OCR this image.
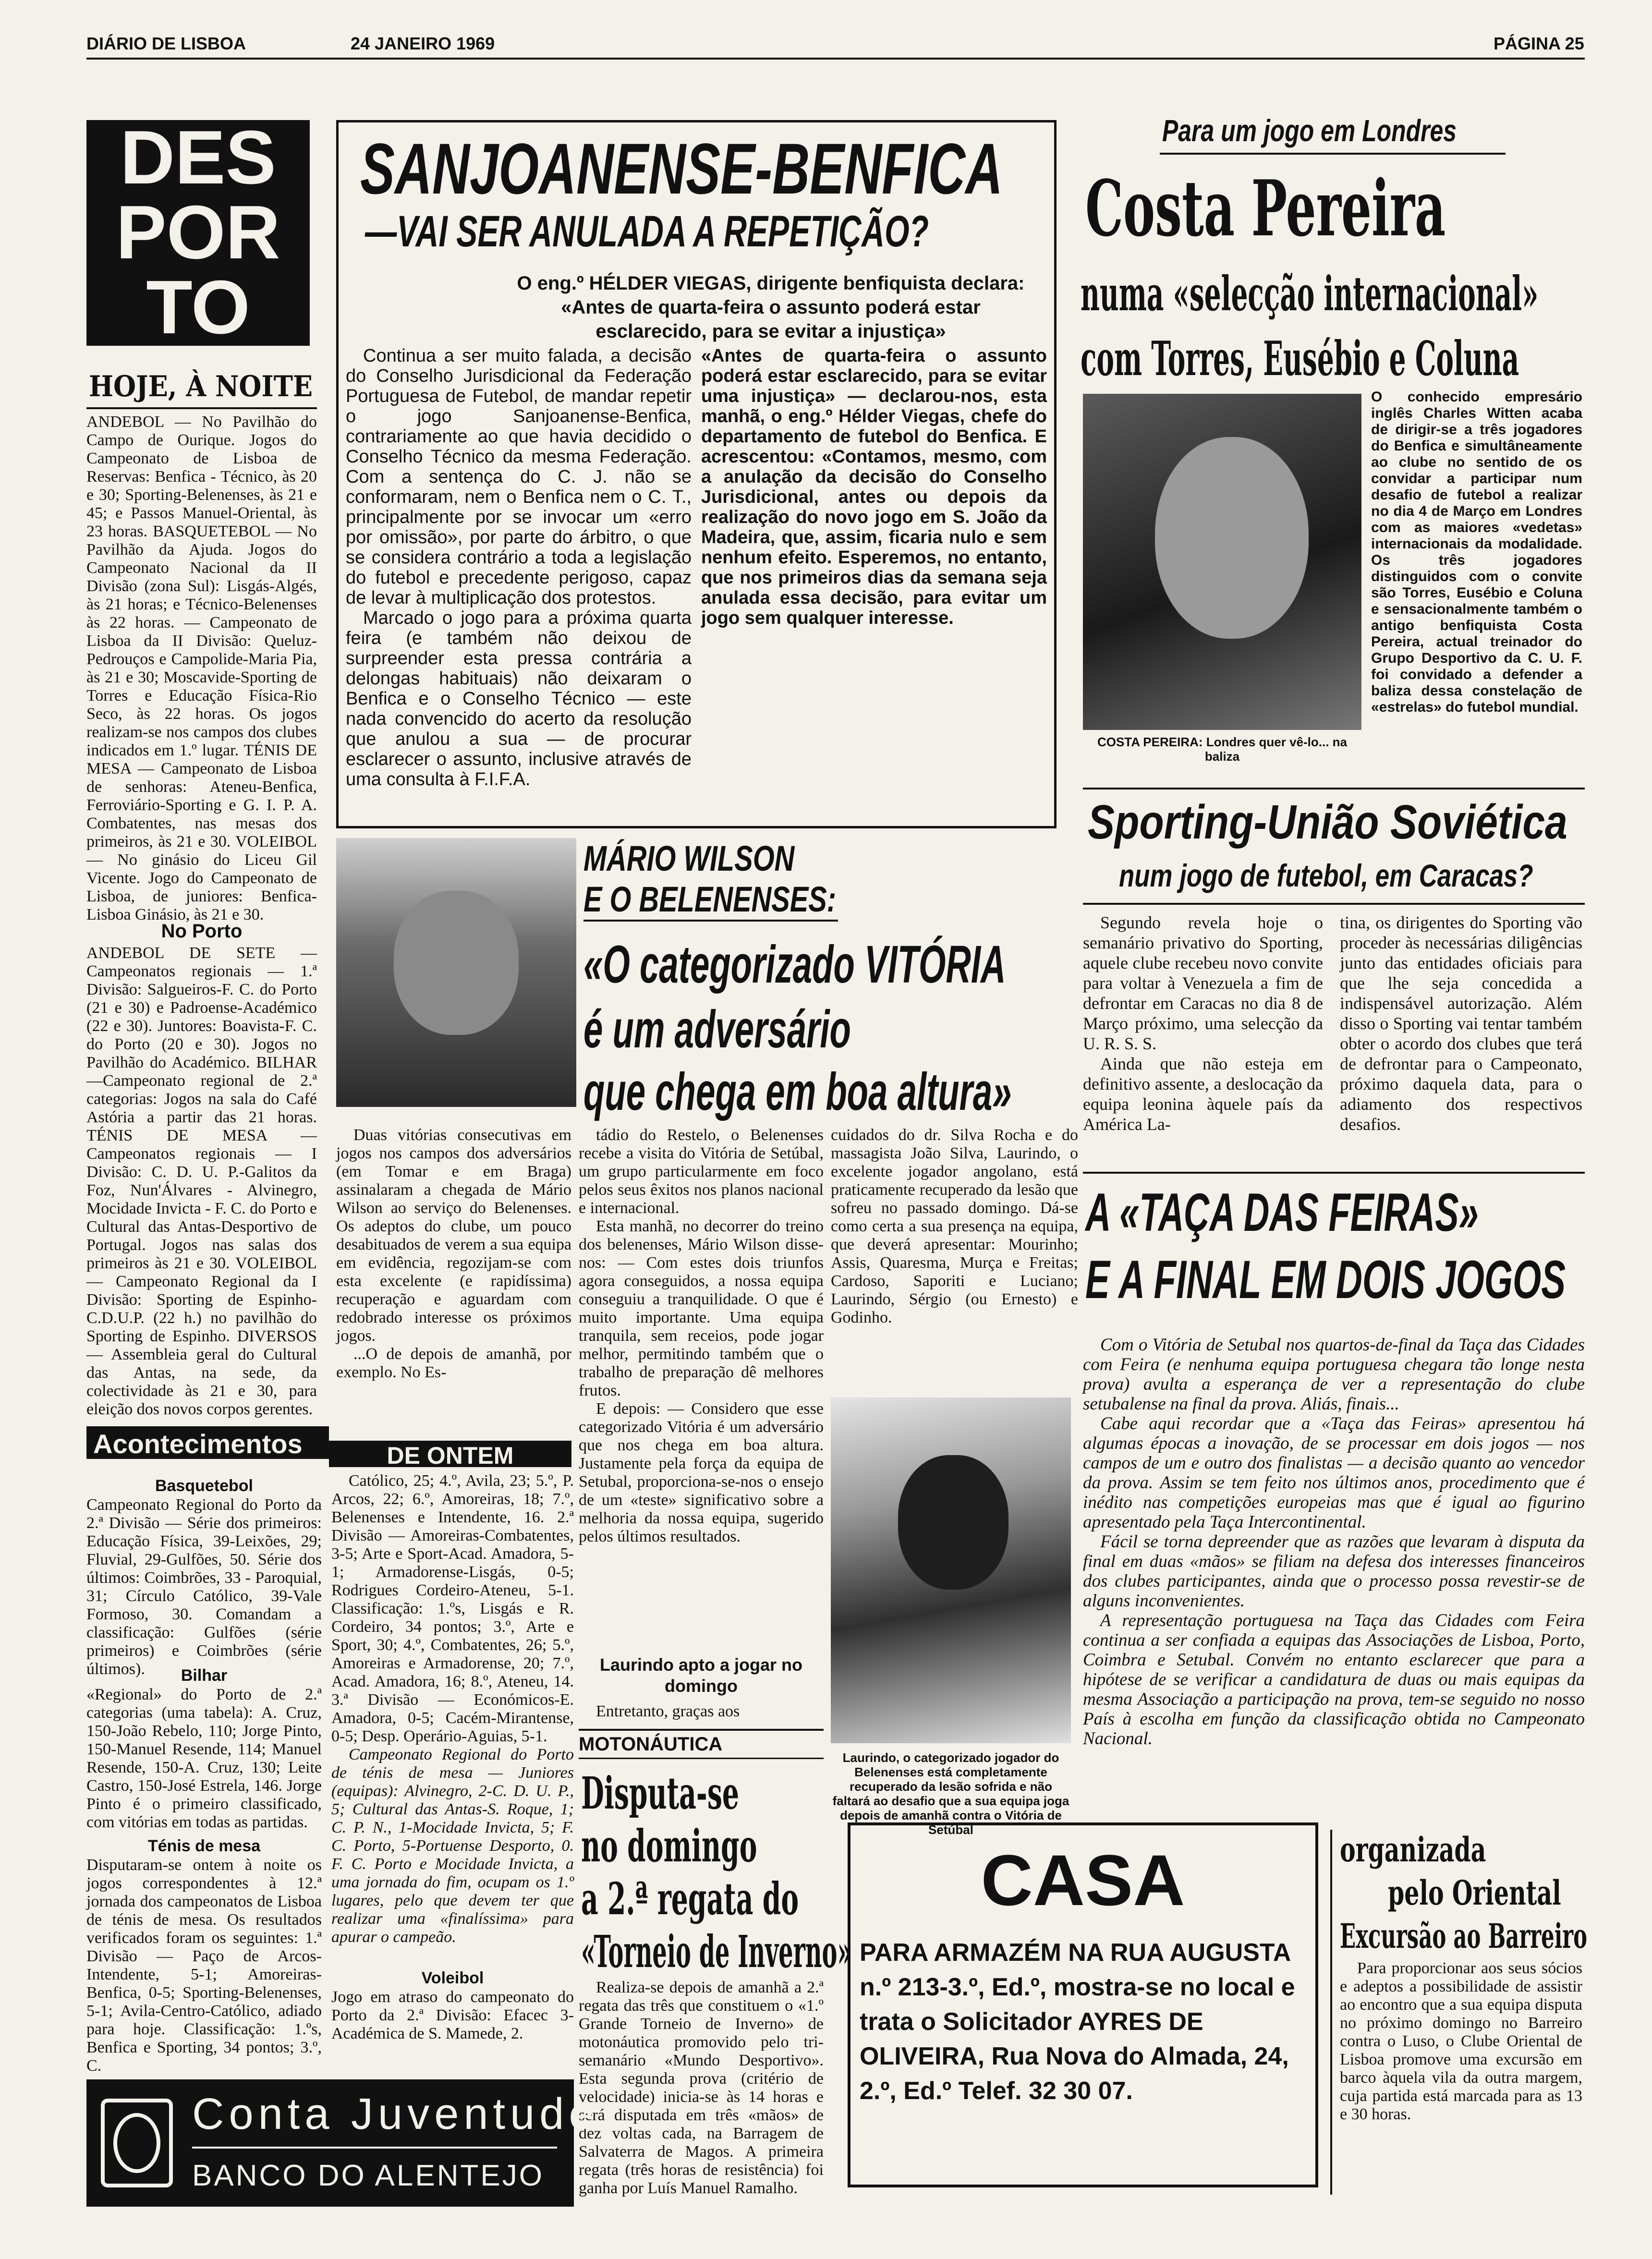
DIÁRIO DE LISBOA	24 JANEIRO 1969	PÁGINA 25
DES
POR
TO
HOJE, À NOITE
ANDEBOL — No Pavilhão do Campo de Ourique. Jogos do Campeonato de Lisboa de Reservas: Benfica - Técnico, às 20 e 30; Sporting-Belenenses, às 21 e 45; e Passos Manuel-Oriental, às 23 horas. BASQUETEBOL — No Pavilhão da Ajuda. Jogos do Campeonato Nacional da II Divisão (zona Sul): Lisgás-Algés, às 21 horas; e Técnico-Belenenses às 22 horas. — Campeonato de Lisboa da II Divisão: Queluz-Pedrouços e Campolide-Maria Pia, às 21 e 30; Moscavide-Sporting de Torres e Educação Física-Rio Seco, às 22 horas. Os jogos realizam-se nos campos dos clubes indicados em 1.º lugar. TÉNIS DE MESA — Campeonato de Lisboa de senhoras: Ateneu-Benfica, Ferroviário-Sporting e G. I. P. A. Combatentes, nas mesas dos primeiros, às 21 e 30. VOLEIBOL — No ginásio do Liceu Gil Vicente. Jogo do Campeonato de Lisboa, de juniores: Benfica-Lisboa Ginásio, às 21 e 30.
No Porto
ANDEBOL DE SETE — Campeonatos regionais — 1.ª Divisão: Salgueiros-F. C. do Porto (21 e 30) e Padroense-Académico (22 e 30). Juntores: Boavista-F. C. do Porto (20 e 30). Jogos no Pavilhão do Académico. BILHAR—Campeonato regional de 2.ª categorias: Jogos na sala do Café Astória a partir das 21 horas. TÉNIS DE MESA — Campeonatos regionais — I Divisão: C. D. U. P.-Galitos da Foz, Nun'Álvares - Alvinegro, Mocidade Invicta - F. C. do Porto e Cultural das Antas-Desportivo de Portugal. Jogos nas salas dos primeiros às 21 e 30. VOLEIBOL — Campeonato Regional da I Divisão: Sporting de Espinho-C.D.U.P. (22 h.) no pavilhão do Sporting de Espinho. DIVERSOS — Assembleia geral do Cultural das Antas, na sede, da colectividade às 21 e 30, para eleição dos novos corpos gerentes.
SANJOANENSE-BENFICA
—VAI SER ANULADA A REPETIÇÃO?
O eng.º HÉLDER VIEGAS, dirigente benfiquista declara: «Antes de quarta-feira o assunto poderá estar esclarecido, para se evitar a injustiça»

Continua a ser muito falada, a decisão do Conselho Jurisdicional da Federação Portuguesa de Futebol, de mandar repetir o jogo Sanjoanense-Benfica, contrariamente ao que havia decidido o Conselho Técnico da mesma Federação. Com a sentença do C. J. não se conformaram, nem o Benfica nem o C. T., principalmente por se invocar um «erro por omissão», por parte do árbitro, o que se considera contrário a toda a legislação do futebol e precedente perigoso, capaz de levar à multiplicação dos protestos.

Marcado o jogo para a próxima quarta feira (e também não deixou de surpreender esta pressa contrária a delongas habituais) não deixaram o Benfica e o Conselho Técnico — este nada convencido do acerto da resolução que anulou a sua — de procurar esclarecer o assunto, inclusive através de uma consulta à F.I.F.A.

«Antes de quarta-feira o assunto poderá estar esclarecido, para se evitar uma injustiça» — declarou-nos, esta manhã, o eng.º Hélder Viegas, chefe do departamento de futebol do Benfica. E acrescentou: «Contamos, mesmo, com a anulação da decisão do Conselho Jurisdicional, antes ou depois da realização do novo jogo em S. João da Madeira, que, assim, ficaria nulo e sem nenhum efeito. Esperemos, no entanto, que nos primeiros dias da semana seja anulada essa decisão, para evitar um jogo sem qualquer interesse.
Para um jogo em Londres
Costa Pereira
numa «selecção internacional»
com Torres, Eusébio e Coluna
COSTA PEREIRA: Londres quer vê-lo... na baliza
O conhecido empresário inglês Charles Witten acaba de dirigir-se a três jogadores do Benfica e simultâneamente ao clube no sentido de os convidar a participar num desafio de futebol a realizar no dia 4 de Março em Londres com as maiores «vedetas» internacionais da modalidade. Os três jogadores distinguidos com o convite são Torres, Eusébio e Coluna e sensacionalmente também o antigo benfiquista Costa Pereira, actual treinador do Grupo Desportivo da C. U. F. foi convidado a defender a baliza dessa constelação de «estrelas» do futebol mundial.
Sporting-União Soviética
num jogo de futebol, em Caracas?

Segundo revela hoje o semanário privativo do Sporting, aquele clube recebeu novo convite para voltar à Venezuela a fim de defrontar em Caracas no dia 8 de Março próximo, uma selecção da U. R. S. S.

Ainda que não esteja em definitivo assente, a deslocação da equipa leonina àquele país da América La-

tina, os dirigentes do Sporting vão proceder às necessárias diligências junto das entidades oficiais para que lhe seja concedida a indispensável autorização. Além disso o Sporting vai tentar também obter o acordo dos clubes que terá de defrontar para o Campeonato, próximo daquela data, para o adiamento dos respectivos desafios.
A «TAÇA DAS FEIRAS»
E A FINAL EM DOIS JOGOS

Com o Vitória de Setubal nos quartos-de-final da Taça das Cidades com Feira (e nenhuma equipa portuguesa chegara tão longe nesta prova) avulta a esperança de ver a representação do clube setubalense na final da prova. Aliás, finais...

Cabe aqui recordar que a «Taça das Feiras» apresentou há algumas épocas a inovação, de se processar em dois jogos — nos campos de um e outro dos finalistas — a decisão quanto ao vencedor da prova. Assim se tem feito nos últimos anos, procedimento que é inédito nas competições europeias mas que é igual ao figurino apresentado pela Taça Intercontinental.

Fácil se torna depreender que as razões que levaram à disputa da final em duas «mãos» se filiam na defesa dos interesses financeiros dos clubes participantes, ainda que o processo possa revestir-se de alguns inconvenientes.

A representação portuguesa na Taça das Cidades com Feira continua a ser confiada a equipas das Associações de Lisboa, Porto, Coimbra e Setubal. Convém no entanto esclarecer que para a hipótese de se verificar a candidatura de duas ou mais equipas da mesma Associação a participação na prova, tem-se seguido no nosso País à escolha em função da classificação obtida no Campeonato Nacional.

MÁRIO WILSON
E O BELENENSES:
«O categorizado VITÓRIA
é um adversário
que chega em boa altura»

Duas vitórias consecutivas em jogos nos campos dos adversários (em Tomar e em Braga) assinalaram a chegada de Mário Wilson ao serviço do Belenenses. Os adeptos do clube, um pouco desabituados de verem a sua equipa em evidência, regozijam-se com esta excelente (e rapidíssima) recuperação e aguardam com redobrado interesse os próximos jogos.

...O de depois de amanhã, por exemplo. No Es-

tádio do Restelo, o Belenenses recebe a visita do Vitória de Setúbal, um grupo particularmente em foco pelos seus êxitos nos planos nacional e internacional.

Esta manhã, no decorrer do treino dos belenenses, Mário Wilson disse-nos: — Com estes dois triunfos agora conseguidos, a nossa equipa conseguiu a tranquilidade. O que é muito importante. Uma equipa tranquila, sem receios, pode jogar melhor, permitindo também que o trabalho de preparação dê melhores frutos.

E depois: — Considero que esse categorizado Vitória é um adversário que nos chega em boa altura. Justamente pela força da equipa de Setubal, proporciona-se-nos o ensejo de um «teste» significativo sobre a melhoria da nossa equipa, sugerido pelos últimos resultados.

Laurindo apto a jogar no domingo
Entretanto, graças aos
cuidados do dr. Silva Rocha e do massagista João Silva, Laurindo, o excelente jogador angolano, está praticamente recuperado da lesão que sofreu no passado domingo. Dá-se como certa a sua presença na equipa, que deverá apresentar: Mourinho; Assis, Quaresma, Murça e Freitas; Cardoso, Saporiti e Luciano; Laurindo, Sérgio (ou Ernesto) e Godinho.
Laurindo, o categorizado jogador do Belenenses está completamente recuperado da lesão sofrida e não faltará ao desafio que a sua equipa joga depois de amanhã contra o Vitória de Setúbal
Acontecimentos	DE ONTEM
Basquetebol
Campeonato Regional do Porto da 2.ª Divisão — Série dos primeiros: Educação Física, 39-Leixões, 29; Fluvial, 29-Gulfões, 50. Série dos últimos: Coimbrões, 33 - Paroquial, 31; Círculo Católico, 39-Vale Formoso, 30. Comandam a classificação: Gulfões (série primeiros) e Coimbrões (série últimos).	Bilhar
«Regional» do Porto de 2.ª categorias (uma tabela): A. Cruz, 150-João Rebelo, 110; Jorge Pinto, 150-Manuel Resende, 114; Manuel Resende, 150-A. Cruz, 130; Leite Castro, 150-José Estrela, 146. Jorge Pinto é o primeiro classificado, com vitórias em todas as partidas.
Ténis de mesa
Disputaram-se ontem à noite os jogos correspondentes à 12.ª jornada dos campeonatos de Lisboa de ténis de mesa. Os resultados verificados foram os seguintes: 1.ª Divisão — Paço de Arcos-Intendente, 5-1; Amoreiras-Benfica, 0-5; Sporting-Belenenses, 5-1; Avila-Centro-Católico, adiado para hoje. Classificação: 1.ºs, Benfica e Sporting, 34 pontos; 3.º, C.

Católico, 25; 4.º, Avila, 23; 5.º, P. Arcos, 22; 6.º, Amoreiras, 18; 7.º, Belenenses e Intendente, 16. 2.ª Divisão — Amoreiras-Combatentes, 3-5; Arte e Sport-Acad. Amadora, 5-1; Armadorense-Lisgás, 0-5; Rodrigues Cordeiro-Ateneu, 5-1. Classificação: 1.ºs, Lisgás e R. Cordeiro, 34 pontos; 3.º, Arte e Sport, 30; 4.º, Combatentes, 26; 5.º, Amoreiras e Armadorense, 20; 7.º, Acad. Amadora, 16; 8.º, Ateneu, 14. 3.ª Divisão — Económicos-E. Amadora, 0-5; Cacém-Mirantense, 0-5; Desp. Operário-Aguias, 5-1.

Campeonato Regional do Porto de ténis de mesa — Juniores (equipas): Alvinegro, 2-C. D. U. P., 5; Cultural das Antas-S. Roque, 1; C. P. N., 1-Mocidade Invicta, 5; F. C. Porto, 5-Portuense Desporto, 0. F. C. Porto e Mocidade Invicta, a uma jornada do fim, ocupam os 1.º lugares, pelo que devem ter que realizar uma «finalíssima» para apurar o campeão.

Voleibol
Jogo em atraso do campeonato do Porto da 2.ª Divisão: Efacec 3-Académica de S. Mamede, 2.
MOTONÁUTICA
Disputa-se
no domingo
a 2.ª regata do
«Torneio de Inverno»
Realiza-se depois de amanhã a 2.ª regata das três que constituem o «1.º Grande Torneio de Inverno» de motonáutica promovido pelo tri-semanário «Mundo Desportivo». Esta segunda prova (critério de velocidade) inicia-se às 14 horas e será disputada em três «mãos» de dez voltas cada, na Barragem de Salvaterra de Magos. A primeira regata (três horas de resistência) foi ganha por Luís Manuel Ramalho.
CASA
PARA ARMAZÉM NA RUA AUGUSTA
n.º 213-3.º, Ed.º, mostra-se no local e trata o Solicitador AYRES DE OLIVEIRA, Rua Nova do Almada, 24, 2.º, Ed.º Telef. 32 30 07.
organizada
pelo Oriental
Excursão ao Barreiro
Para proporcionar aos seus sócios e adeptos a possibilidade de assistir ao encontro que a sua equipa disputa no próximo domingo no Barreiro contra o Luso, o Clube Oriental de Lisboa promove uma excursão em barco àquela vila da outra margem, cuja partida está marcada para as 13 e 30 horas.
Conta Juventude
BANCO DO ALENTEJO
